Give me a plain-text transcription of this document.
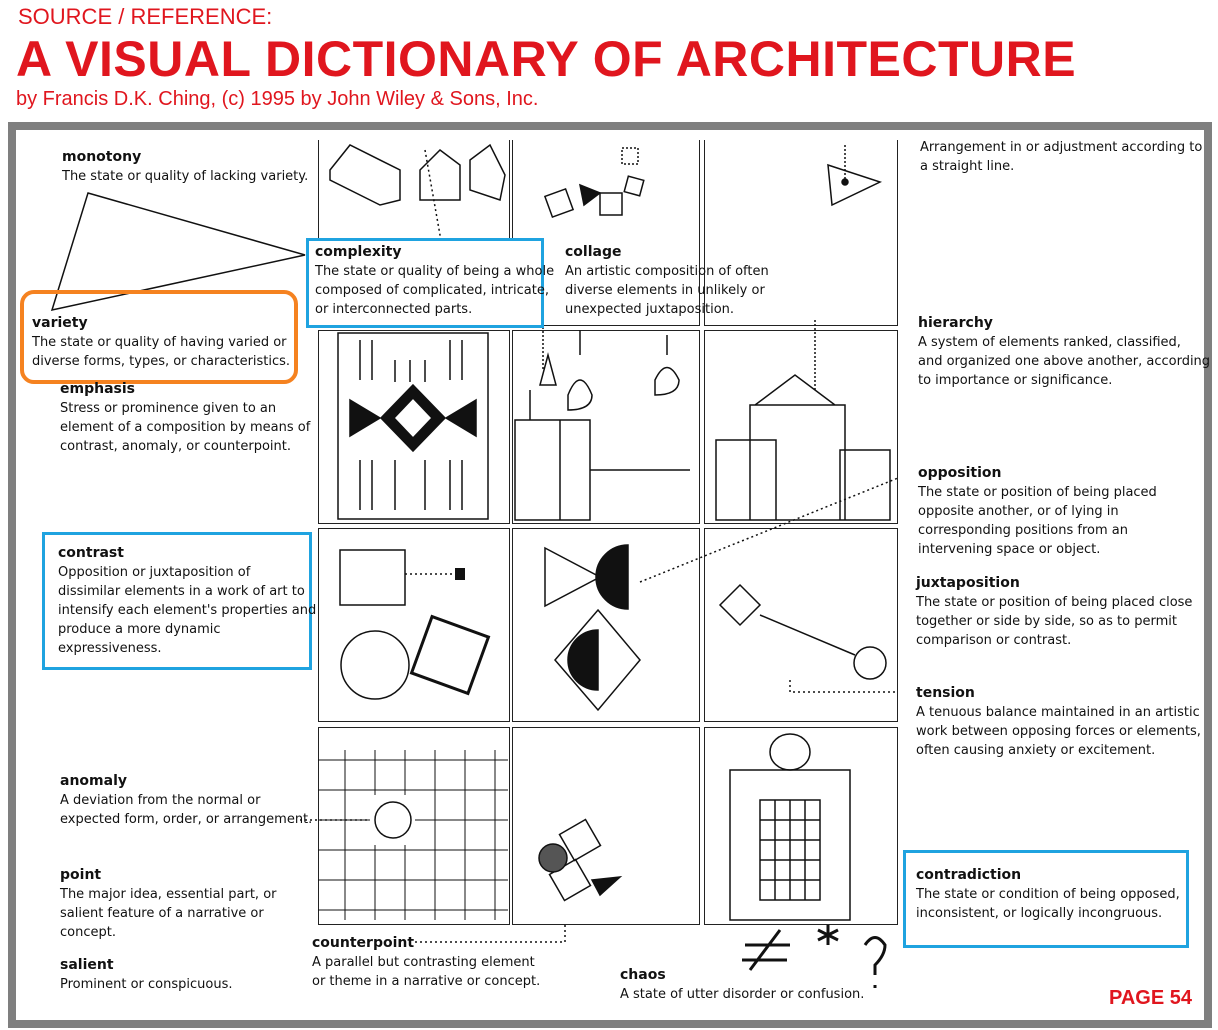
SOURCE / REFERENCE:
A VISUAL DICTIONARY OF ARCHITECTURE
by Francis D.K. Ching, (c) 1995 by John Wiley & Sons, Inc.
monotony
The state or quality of lacking variety.
variety
The state or quality of having varied or
diverse forms, types, or characteristics.
emphasis
Stress or prominence given to an
element of a composition by means of
contrast, anomaly, or counterpoint.
complexity
The state or quality of being a whole
composed of complicated, intricate,
or interconnected parts.
collage
An artistic composition of often
diverse elements in unlikely or
unexpected juxtaposition.
Arrangement in or adjustment according to
a straight line.
hierarchy
A system of elements ranked, classified,
and organized one above another, according
to importance or significance.
contrast
Opposition or juxtaposition of
dissimilar elements in a work of art to
intensify each element's properties and
produce a more dynamic
expressiveness.
opposition
The state or position of being placed
opposite another, or of lying in
corresponding positions from an
intervening space or object.
juxtaposition
The state or position of being placed close
together or side by side, so as to permit
comparison or contrast.
tension
A tenuous balance maintained in an artistic
work between opposing forces or elements,
often causing anxiety or excitement.
anomaly
A deviation from the normal or
expected form, order, or arrangement.
point
The major idea, essential part, or
salient feature of a narrative or
concept.
salient
Prominent or conspicuous.
counterpoint
A parallel but contrasting element
or theme in a narrative or concept.	chaos
A state of utter disorder or confusion.
contradiction
The state or condition of being opposed,
inconsistent, or logically incongruous.
PAGE 54
